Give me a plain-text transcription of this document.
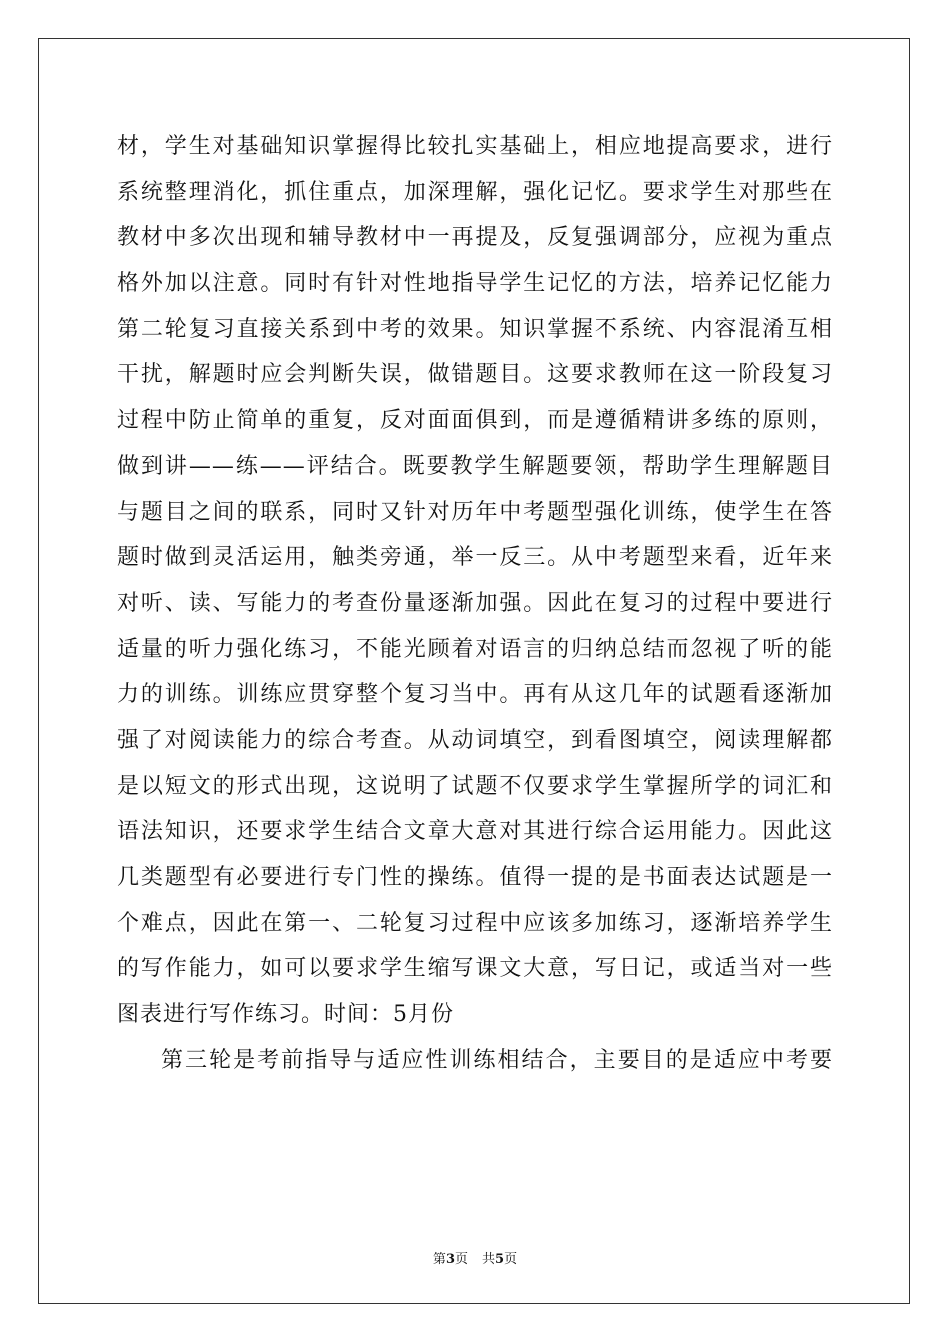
材，学生对基础知识掌握得比较扎实基础上，相应地提高要求，进行
系统整理消化，抓住重点，加深理解，强化记忆。要求学生对那些在
教材中多次出现和辅导教材中一再提及，反复强调部分，应视为重点
格外加以注意。同时有针对性地指导学生记忆的方法，培养记忆能力
第二轮复习直接关系到中考的效果。知识掌握不系统、内容混淆互相
干扰，解题时应会判断失误，做错题目。这要求教师在这一阶段复习
过程中防止简单的重复，反对面面俱到，而是遵循精讲多练的原则，
做到讲——练——评结合。既要教学生解题要领，帮助学生理解题目
与题目之间的联系，同时又针对历年中考题型强化训练，使学生在答
题时做到灵活运用，触类旁通，举一反三。从中考题型来看，近年来
对听、读、写能力的考查份量逐渐加强。因此在复习的过程中要进行
适量的听力强化练习，不能光顾着对语言的归纳总结而忽视了听的能
力的训练。训练应贯穿整个复习当中。再有从这几年的试题看逐渐加
强了对阅读能力的综合考查。从动词填空，到看图填空，阅读理解都
是以短文的形式出现，这说明了试题不仅要求学生掌握所学的词汇和
语法知识，还要求学生结合文章大意对其进行综合运用能力。因此这
几类题型有必要进行专门性的操练。值得一提的是书面表达试题是一
个难点，因此在第一、二轮复习过程中应该多加练习，逐渐培养学生
的写作能力，如可以要求学生缩写课文大意，写日记，或适当对一些
图表进行写作练习。时间：5月份
第三轮是考前指导与适应性训练相结合，主要目的是适应中考要
第3页 共5页
